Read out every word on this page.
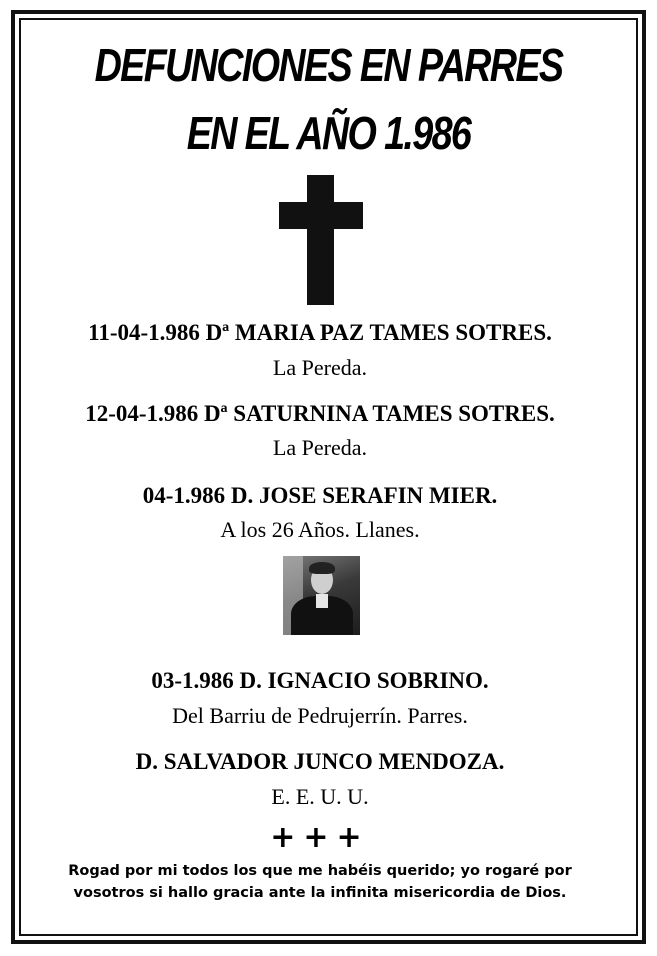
DEFUNCIONES EN PARRES
EN EL AÑO 1.986
11-04-1.986 Dª MARIA PAZ TAMES SOTRES.
La Pereda.
12-04-1.986 Dª SATURNINA TAMES SOTRES.
La Pereda.
04-1.986 D. JOSE SERAFIN MIER.
A los 26 Años. Llanes.
03-1.986 D. IGNACIO SOBRINO.
Del Barriu de Pedrujerrín. Parres.
D. SALVADOR JUNCO MENDOZA.
E. E. U. U.
+++
Rogad por mi todos los que me habéis querido; yo rogaré por
vosotros si hallo gracia ante la infinita misericordia de Dios.
